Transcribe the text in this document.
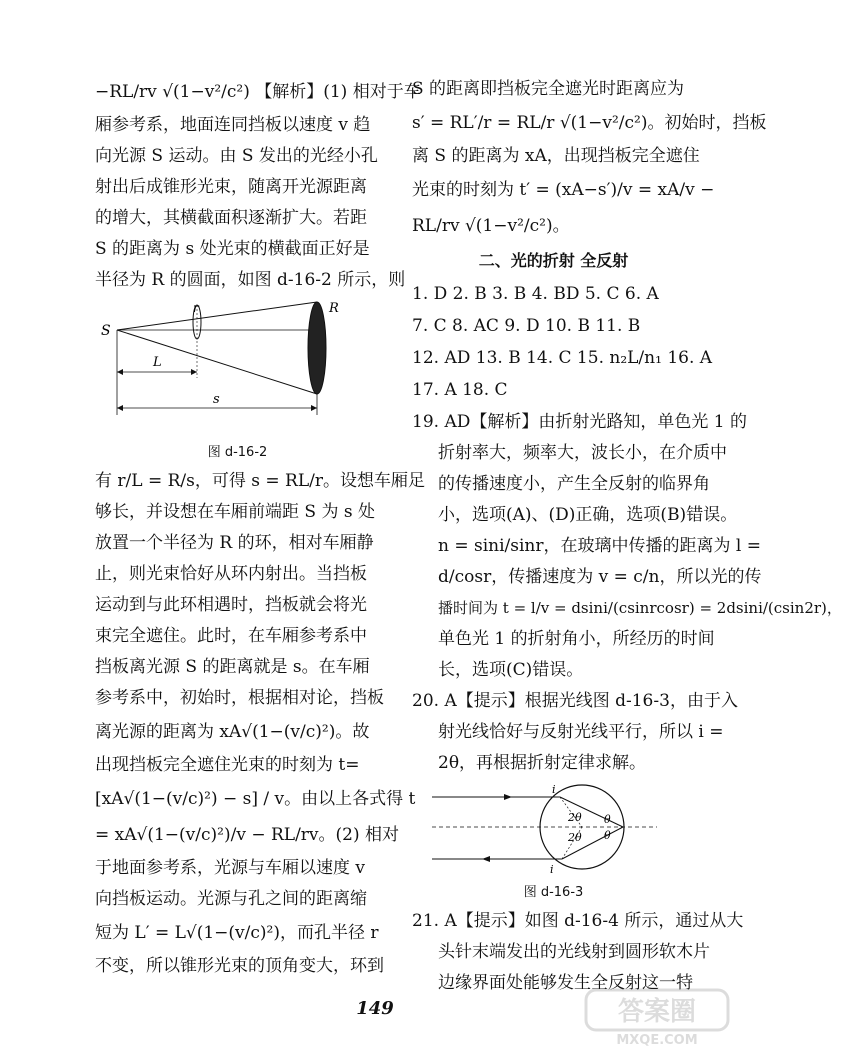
−RL/rv √(1−v²/c²) 【解析】(1) 相对于车
厢参考系，地面连同挡板以速度 v 趋
向光源 S 运动。由 S 发出的光经小孔
射出后成锥形光束，随离开光源距离
的增大，其横截面积逐渐扩大。若距
S 的距离为 s 处光束的横截面正好是
半径为 R 的圆面，如图 d-16-2 所示，则
S
r	R
L
s
图 d-16-2
有 r/L = R/s，可得 s = RL/r。设想车厢足
够长，并设想在车厢前端距 S 为 s 处
放置一个半径为 R 的环，相对车厢静
止，则光束恰好从环内射出。当挡板
运动到与此环相遇时，挡板就会将光
束完全遮住。此时，在车厢参考系中
挡板离光源 S 的距离就是 s。在车厢
参考系中，初始时，根据相对论，挡板
离光源的距离为 xA√(1−(v/c)²)。故
出现挡板完全遮住光束的时刻为 t=
[xA√(1−(v/c)²) − s] / v。由以上各式得 t
= xA√(1−(v/c)²)/v − RL/rv。(2) 相对
于地面参考系，光源与车厢以速度 v
向挡板运动。光源与孔之间的距离缩
短为 L′ = L√(1−(v/c)²)，而孔半径 r
不变，所以锥形光束的顶角变大，环到
S 的距离即挡板完全遮光时距离应为
s′ = RL′/r = RL/r √(1−v²/c²)。初始时，挡板
离 S 的距离为 xA，出现挡板完全遮住
光束的时刻为 t′ = (xA−s′)/v = xA/v −
RL/rv √(1−v²/c²)。
二、光的折射 全反射
1. D 2. B 3. B 4. BD 5. C 6. A
7. C 8. AC 9. D 10. B 11. B
12. AD 13. B 14. C 15. n₂L/n₁ 16. A
17. A 18. C
19. AD【解析】由折射光路知，单色光 1 的
折射率大，频率大，波长小，在介质中
的传播速度小，产生全反射的临界角
小，选项(A)、(D)正确，选项(B)错误。
n = sini/sinr，在玻璃中传播的距离为 l =
d/cosr，传播速度为 v = c/n，所以光的传
播时间为 t = l/v = dsini/(csinrcosr) = 2dsini/(csin2r)，
单色光 1 的折射角小，所经历的时间
长，选项(C)错误。
20. A【提示】根据光线图 d-16-3，由于入
射光线恰好与反射光线平行，所以 i =
2θ，再根据折射定律求解。
i
i
2θ
2θ
θ
θ
图 d-16-3
21. A【提示】如图 d-16-4 所示，通过从大
头针末端发出的光线射到圆形软木片
边缘界面处能够发生全反射这一特
149	答案圈
MXQE.COM
